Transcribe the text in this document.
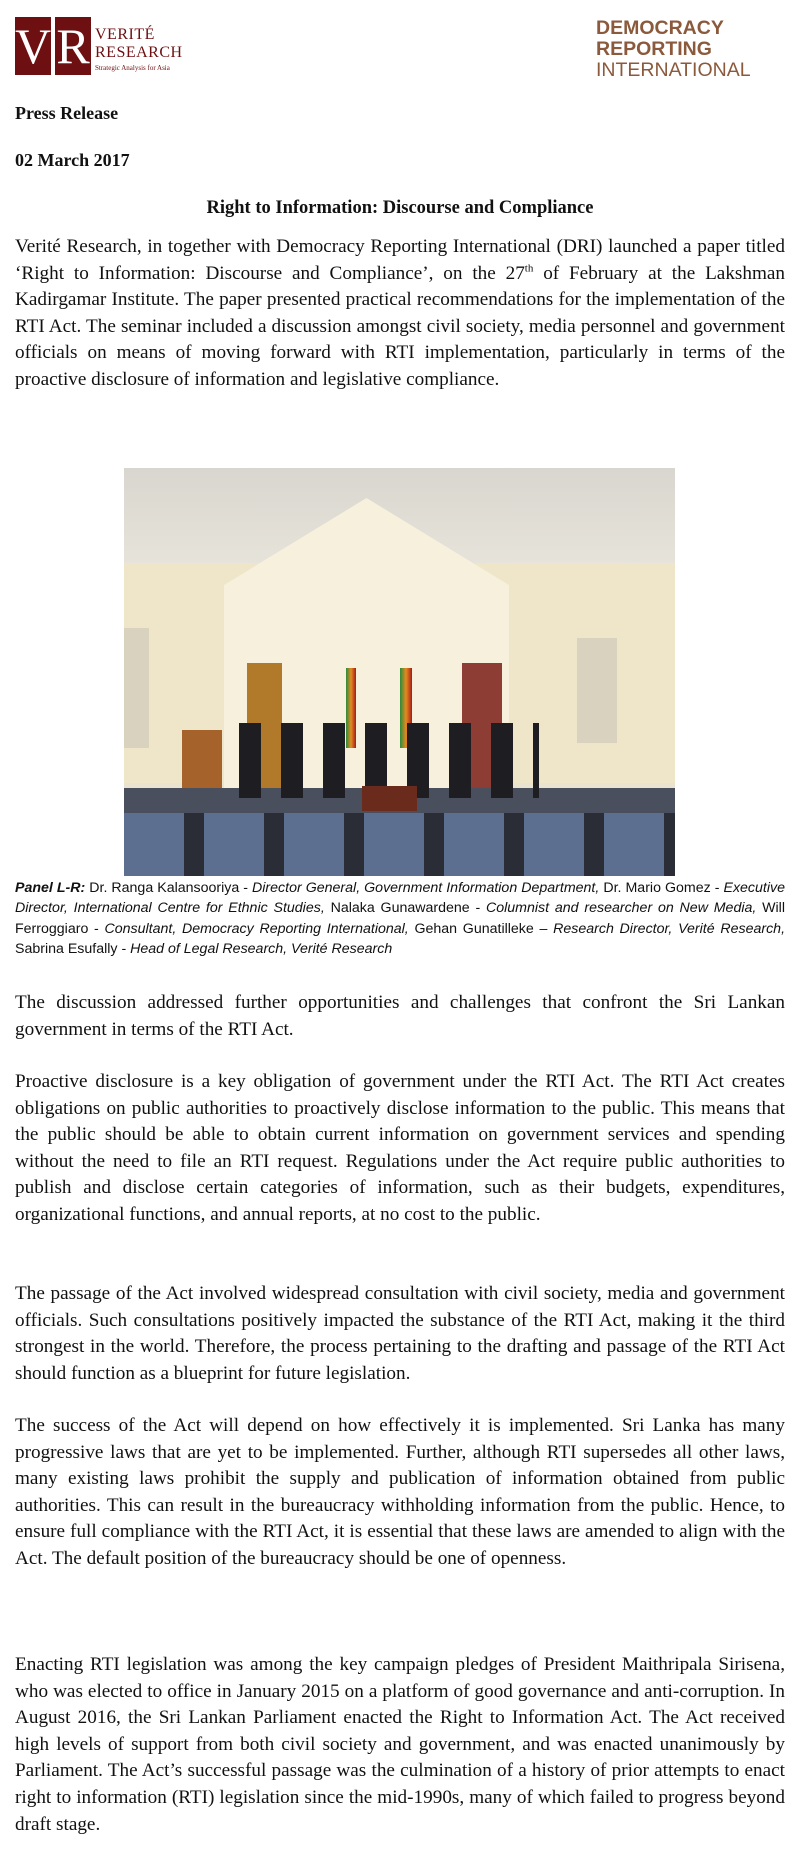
V R VERITÉ
RESEARCH
Strategic Analysis for Asia
DEMOCRACY
REPORTING
INTERNATIONAL
Press Release
02 March 2017
Right to Information: Discourse and Compliance

Verité Research, in together with Democracy Reporting International (DRI) launched a paper titled ‘Right to Information: Discourse and Compliance’, on the 27th of February at the Lakshman Kadirgamar Institute. The paper presented practical recommendations for the implementation of the RTI Act. The seminar included a discussion amongst civil society, media personnel and government officials on means of moving forward with RTI implementation, particularly in terms of the proactive disclosure of information and legislative compliance.

Panel L-R: Dr. Ranga Kalansooriya - Director General, Government Information Department, Dr. Mario Gomez - Executive Director, International Centre for Ethnic Studies, Nalaka Gunawardene - Columnist and researcher on New Media, Will Ferroggiaro - Consultant, Democracy Reporting International, Gehan Gunatilleke – Research Director, Verité Research, Sabrina Esufally - Head of Legal Research, Verité Research

The discussion addressed further opportunities and challenges that confront the Sri Lankan government in terms of the RTI Act.

Proactive disclosure is a key obligation of government under the RTI Act. The RTI Act creates obligations on public authorities to proactively disclose information to the public. This means that the public should be able to obtain current information on government services and spending without the need to file an RTI request. Regulations under the Act require public authorities to publish and disclose certain categories of information, such as their budgets, expenditures, organizational functions, and annual reports, at no cost to the public.

The passage of the Act involved widespread consultation with civil society, media and government officials. Such consultations positively impacted the substance of the RTI Act, making it the third strongest in the world. Therefore, the process pertaining to the drafting and passage of the RTI Act should function as a blueprint for future legislation.

The success of the Act will depend on how effectively it is implemented. Sri Lanka has many progressive laws that are yet to be implemented. Further, although RTI supersedes all other laws, many existing laws prohibit the supply and publication of information obtained from public authorities. This can result in the bureaucracy withholding information from the public. Hence, to ensure full compliance with the RTI Act, it is essential that these laws are amended to align with the Act. The default position of the bureaucracy should be one of openness.

Enacting RTI legislation was among the key campaign pledges of President Maithripala Sirisena, who was elected to office in January 2015 on a platform of good governance and anti-corruption. In August 2016, the Sri Lankan Parliament enacted the Right to Information Act. The Act received high levels of support from both civil society and government, and was enacted unanimously by Parliament. The Act’s successful passage was the culmination of a history of prior attempts to enact right to information (RTI) legislation since the mid-1990s, many of which failed to progress beyond draft stage.
